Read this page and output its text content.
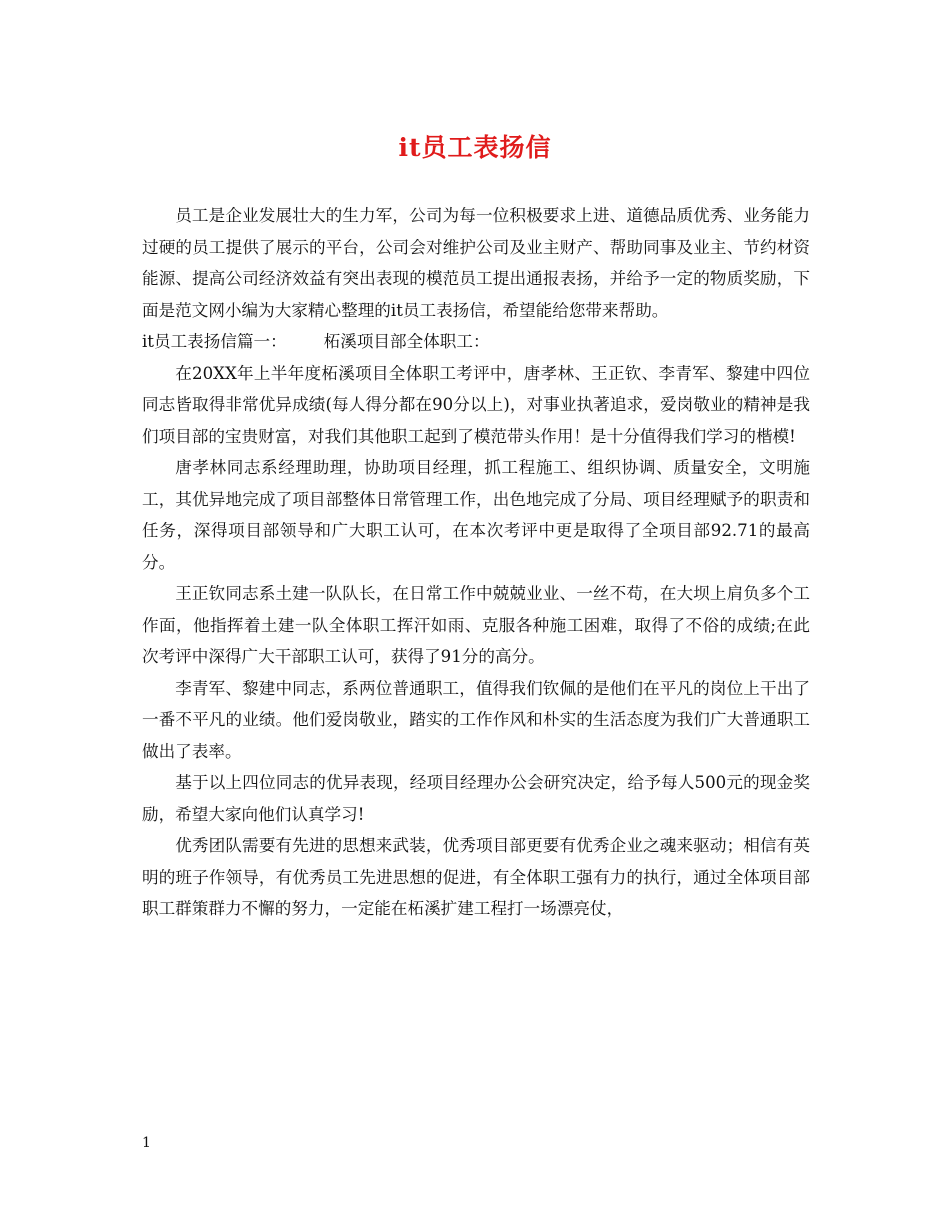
it员工表扬信

员工是企业发展壮大的生力军，公司为每一位积极要求上进、道德品质优秀、业务能力过硬的员工提供了展示的平台，公司会对维护公司及业主财产、帮助同事及业主、节约材资能源、提高公司经济效益有突出表现的模范员工提出通报表扬，并给予一定的物质奖励，下面是范文网小编为大家精心整理的it员工表扬信，希望能给您带来帮助。

it员工表扬信篇一：       柘溪项目部全体职工：

在20XX年上半年度柘溪项目全体职工考评中，唐孝林、王正钦、李青军、黎建中四位同志皆取得非常优异成绩(每人得分都在90分以上)，对事业执著追求，爱岗敬业的精神是我们项目部的宝贵财富，对我们其他职工起到了模范带头作用！是十分值得我们学习的楷模!

唐孝林同志系经理助理，协助项目经理，抓工程施工、组织协调、质量安全，文明施工，其优异地完成了项目部整体日常管理工作，出色地完成了分局、项目经理赋予的职责和任务，深得项目部领导和广大职工认可，在本次考评中更是取得了全项目部92.71的最高分。

王正钦同志系土建一队队长，在日常工作中兢兢业业、一丝不苟，在大坝上肩负多个工作面，他指挥着土建一队全体职工挥汗如雨、克服各种施工困难，取得了不俗的成绩;在此次考评中深得广大干部职工认可，获得了91分的高分。

李青军、黎建中同志，系两位普通职工，值得我们钦佩的是他们在平凡的岗位上干出了一番不平凡的业绩。他们爱岗敬业，踏实的工作作风和朴实的生活态度为我们广大普通职工做出了表率。

基于以上四位同志的优异表现，经项目经理办公会研究决定，给予每人500元的现金奖励，希望大家向他们认真学习!

优秀团队需要有先进的思想来武装，优秀项目部更要有优秀企业之魂来驱动；相信有英明的班子作领导，有优秀员工先进思想的促进，有全体职工强有力的执行，通过全体项目部职工群策群力不懈的努力，一定能在柘溪扩建工程打一场漂亮仗，

1
